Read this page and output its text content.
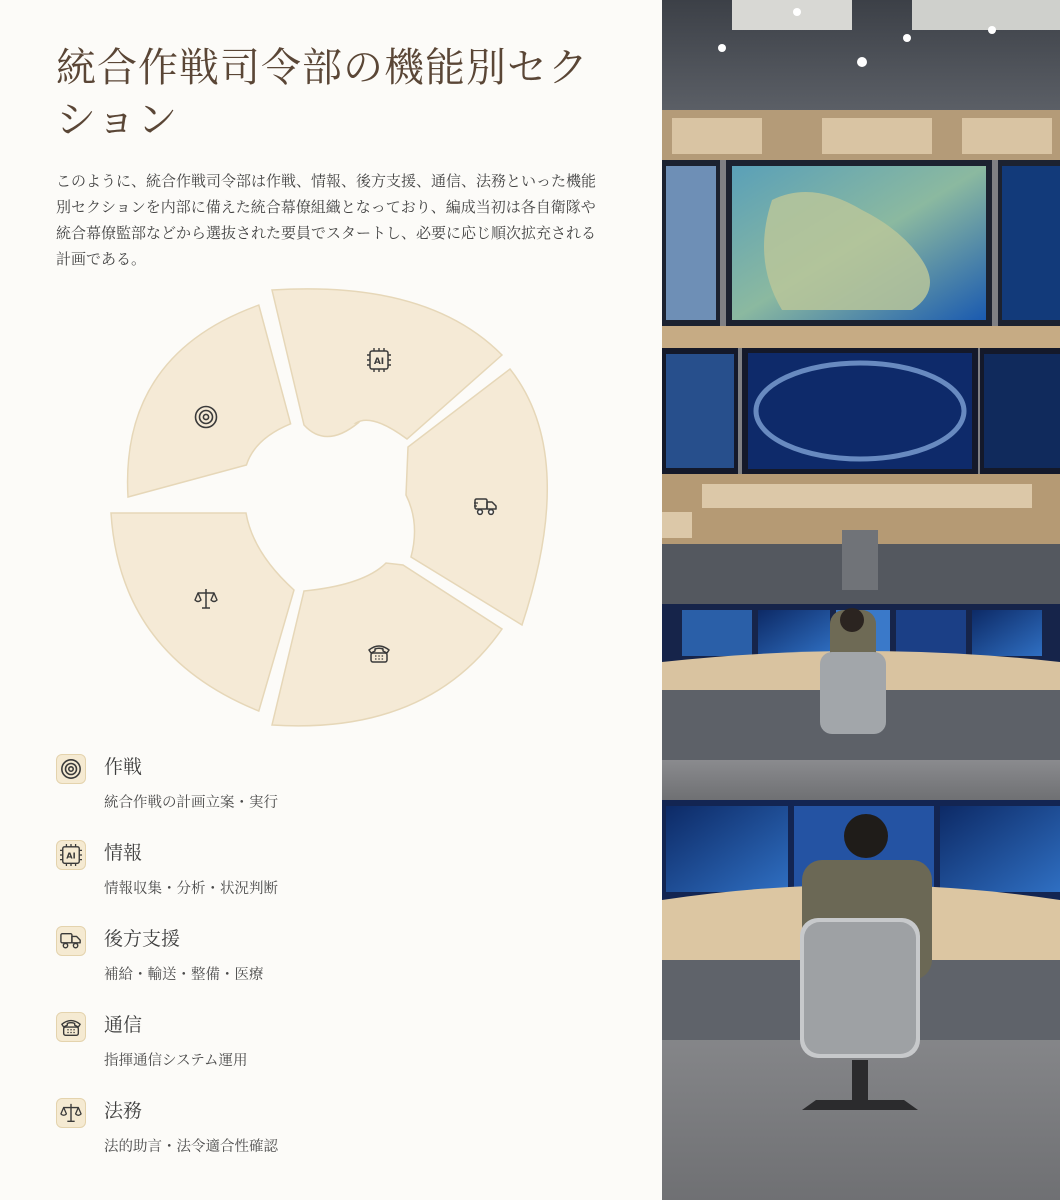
統合作戦司令部の機能別セクション

このように、統合作戦司令部は作戦、情報、後方支援、通信、法務といった機能別セクションを内部に備えた統合幕僚組織となっており、編成当初は各自衛隊や統合幕僚監部などから選抜された要員でスタートし、必要に応じ順次拡充される計画である。

AI
作戦
統合作戦の計画立案・実行
AI 情報
情報収集・分析・状況判断
後方支援
補給・輸送・整備・医療
通信
指揮通信システム運用
法務
法的助言・法令適合性確認
